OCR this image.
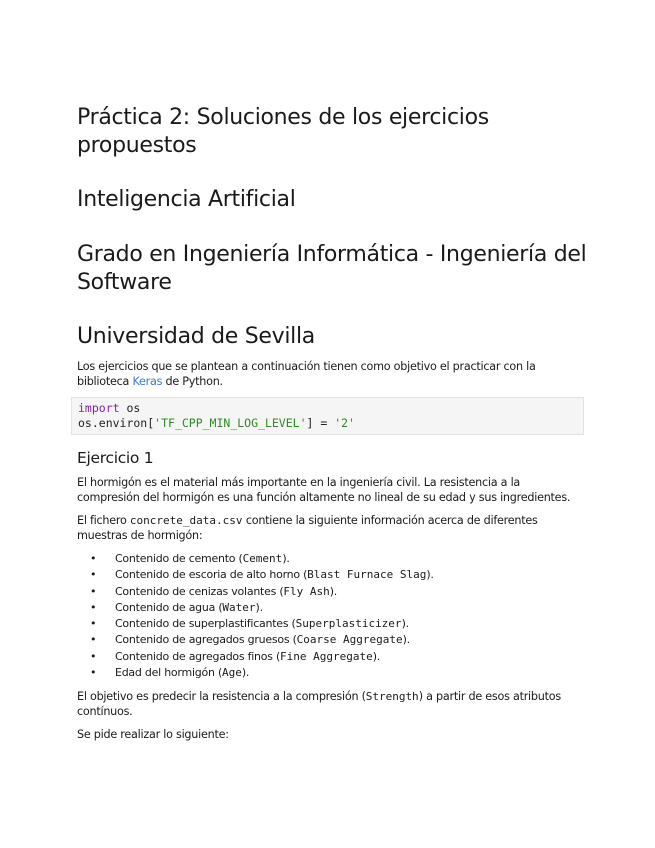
Práctica 2: Soluciones de los ejercicios propuestos
Inteligencia Artificial
Grado en Ingeniería Informática - Ingeniería del Software
Universidad de Sevilla

Los ejercicios que se plantean a continuación tienen como objetivo el practicar con la biblioteca Keras de Python.

import os
os.environ['TF_CPP_MIN_LOG_LEVEL'] = '2'
Ejercicio 1

El hormigón es el material más importante en la ingeniería civil. La resistencia a la compresión del hormigón es una función altamente no lineal de su edad y sus ingredientes.

El fichero concrete_data.csv contiene la siguiente información acerca de diferentes muestras de hormigón:

• Contenido de cemento (Cement).
• Contenido de escoria de alto horno (Blast Furnace Slag).
• Contenido de cenizas volantes (Fly Ash).
• Contenido de agua (Water).
• Contenido de superplastificantes (Superplasticizer).
• Contenido de agregados gruesos (Coarse Aggregate).
• Contenido de agregados finos (Fine Aggregate).
• Edad del hormigón (Age).

El objetivo es predecir la resistencia a la compresión (Strength) a partir de esos atributos contínuos.

Se pide realizar lo siguiente:
